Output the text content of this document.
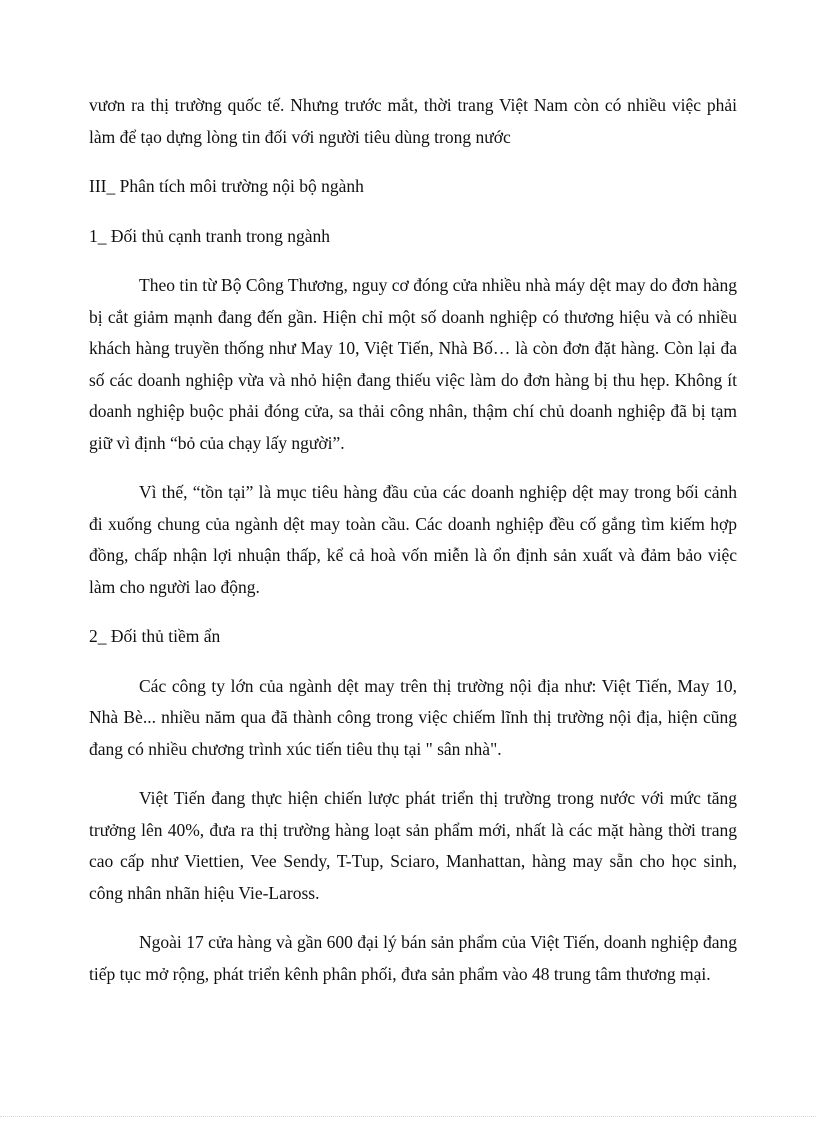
vươn ra thị trường quốc tế. Nhưng trước mắt, thời trang Việt Nam còn có nhiều việc phải làm để tạo dựng lòng tin đối với người tiêu dùng trong nước

III_ Phân tích môi trường nội bộ ngành

1_ Đối thủ cạnh tranh trong ngành

Theo tin từ Bộ Công Thương, nguy cơ đóng cửa nhiều nhà máy dệt may do đơn hàng bị cắt giảm mạnh đang đến gần. Hiện chỉ một số doanh nghiệp có thương hiệu và có nhiều khách hàng truyền thống như May 10, Việt Tiến, Nhà Bố… là còn đơn đặt hàng. Còn lại đa số các doanh nghiệp vừa và nhỏ hiện đang thiếu việc làm do đơn hàng bị thu hẹp. Không ít doanh nghiệp buộc phải đóng cửa, sa thải công nhân, thậm chí chủ doanh nghiệp đã bị tạm giữ vì định “bỏ của chạy lấy người”.

Vì thế, “tồn tại” là mục tiêu hàng đầu của các doanh nghiệp dệt may trong bối cảnh đi xuống chung của ngành dệt may toàn cầu. Các doanh nghiệp đều cố gắng tìm kiếm hợp đồng, chấp nhận lợi nhuận thấp, kể cả hoà vốn miễn là ổn định sản xuất và đảm bảo việc làm cho người lao động.

2_ Đối thủ tiềm ẩn

Các công ty lớn của ngành dệt may trên thị trường nội địa như: Việt Tiến, May 10, Nhà Bè... nhiều năm qua đã thành công trong việc chiếm lĩnh thị trường nội địa, hiện cũng đang có nhiều chương trình xúc tiến tiêu thụ tại " sân nhà".

Việt Tiến đang thực hiện chiến lược phát triển thị trường trong nước với mức tăng trưởng lên 40%, đưa ra thị trường hàng loạt sản phẩm mới, nhất là các mặt hàng thời trang cao cấp như Viettien, Vee Sendy, T-Tup, Sciaro, Manhattan, hàng may sẵn cho học sinh, công nhân nhãn hiệu Vie-Laross.

Ngoài 17 cửa hàng và gần 600 đại lý bán sản phẩm của Việt Tiến, doanh nghiệp đang tiếp tục mở rộng, phát triển kênh phân phối, đưa sản phẩm vào 48 trung tâm thương mại.
